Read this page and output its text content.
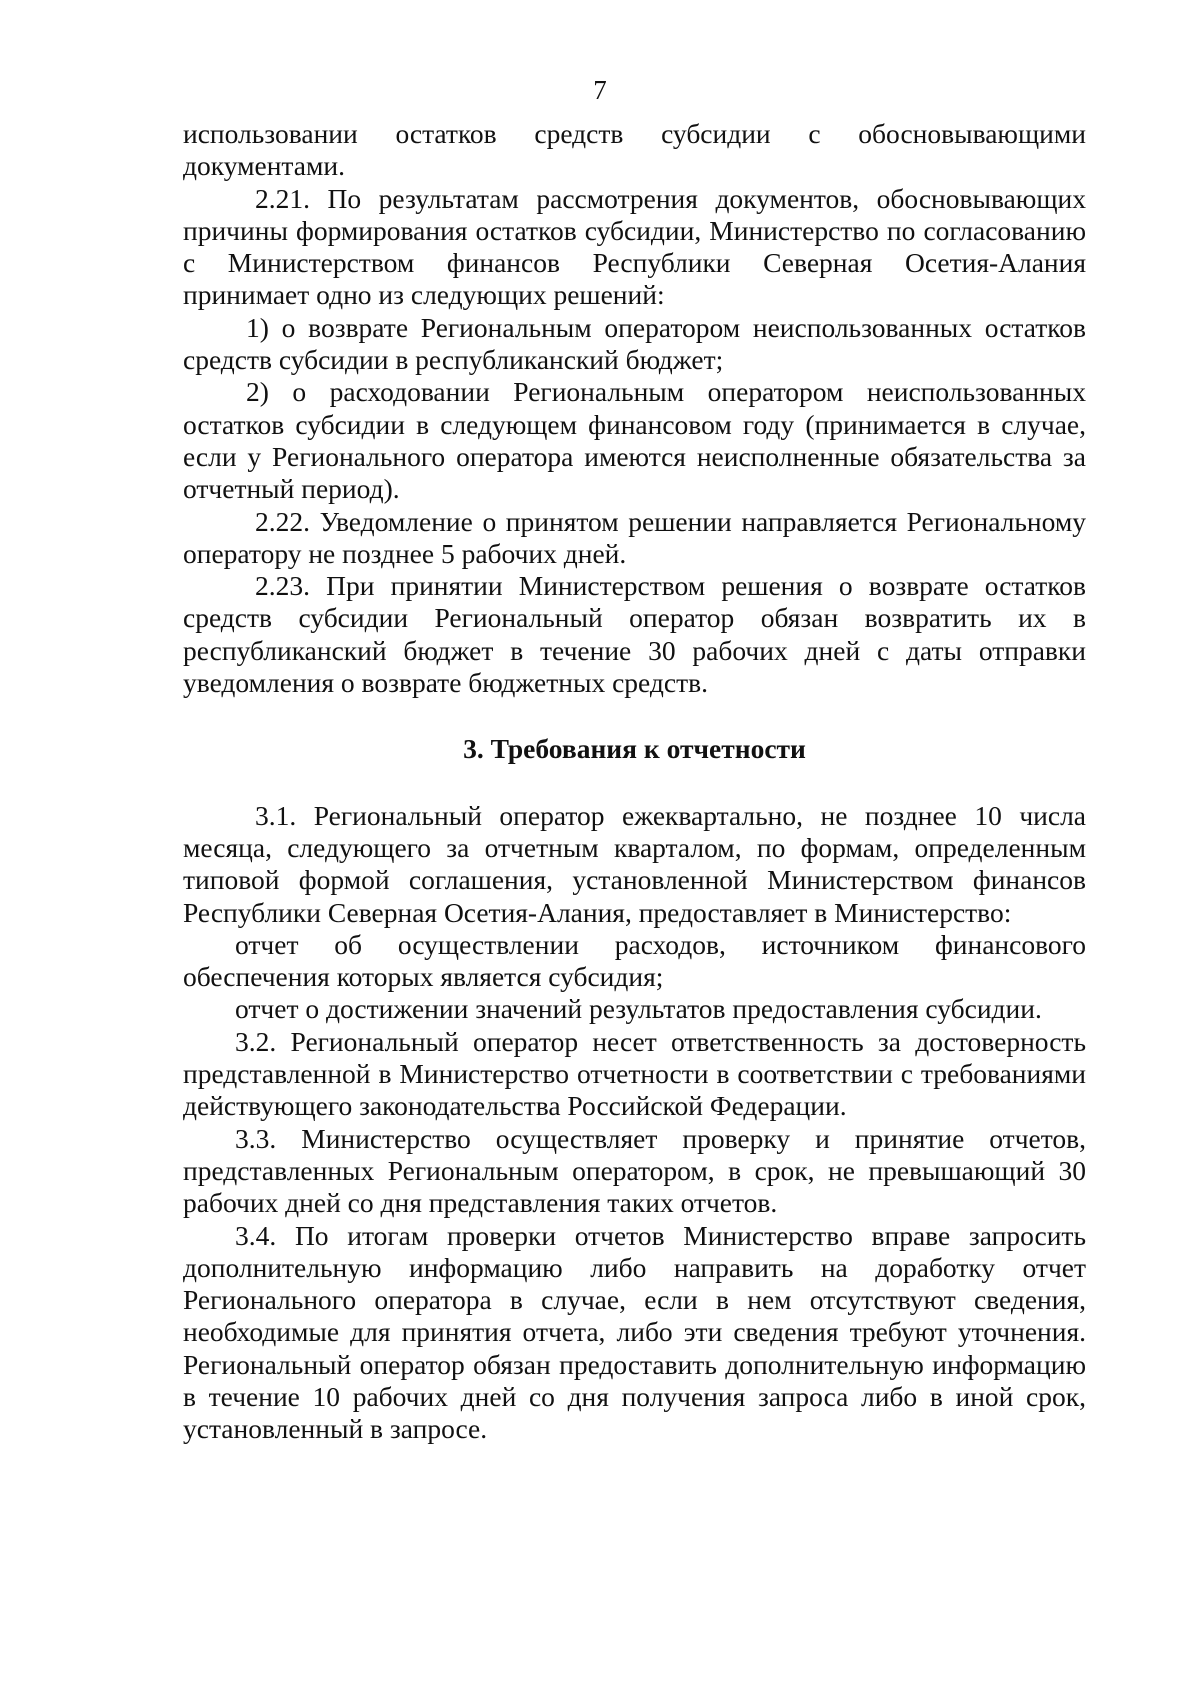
7

использовании остатков средств субсидии с обосновывающими документами.

2.21. По результатам рассмотрения документов, обосновывающих причины формирования остатков субсидии, Министерство по согласованию с Министерством финансов Республики Северная Осетия-Алания принимает одно из следующих решений:

1) о возврате Региональным оператором неиспользованных остатков средств субсидии в республиканский бюджет;

2) о расходовании Региональным оператором неиспользованных остатков субсидии в следующем финансовом году (принимается в случае, если у Регионального оператора имеются неисполненные обязательства за отчетный период).

2.22. Уведомление о принятом решении направляется Региональному оператору не позднее 5 рабочих дней.

2.23. При принятии Министерством решения о возврате остатков средств субсидии Региональный оператор обязан возвратить их в республиканский бюджет в течение 30 рабочих дней с даты отправки уведомления о возврате бюджетных средств.

3. Требования к отчетности

3.1. Региональный оператор ежеквартально, не позднее 10 числа месяца, следующего за отчетным кварталом, по формам, определенным типовой формой соглашения, установленной Министерством финансов Республики Северная Осетия-Алания, предоставляет в Министерство:

отчет об осуществлении расходов, источником финансового обеспечения которых является субсидия;

отчет о достижении значений результатов предоставления субсидии.

3.2. Региональный оператор несет ответственность за достоверность представленной в Министерство отчетности в соответствии с требованиями действующего законодательства Российской Федерации.

3.3. Министерство осуществляет проверку и принятие отчетов, представленных Региональным оператором, в срок, не превышающий 30 рабочих дней со дня представления таких отчетов.

3.4. По итогам проверки отчетов Министерство вправе запросить дополнительную информацию либо направить на доработку отчет Регионального оператора в случае, если в нем отсутствуют сведения, необходимые для принятия отчета, либо эти сведения требуют уточнения. Региональный оператор обязан предоставить дополнительную информацию в течение 10 рабочих дней со дня получения запроса либо в иной срок, установленный в запросе.
